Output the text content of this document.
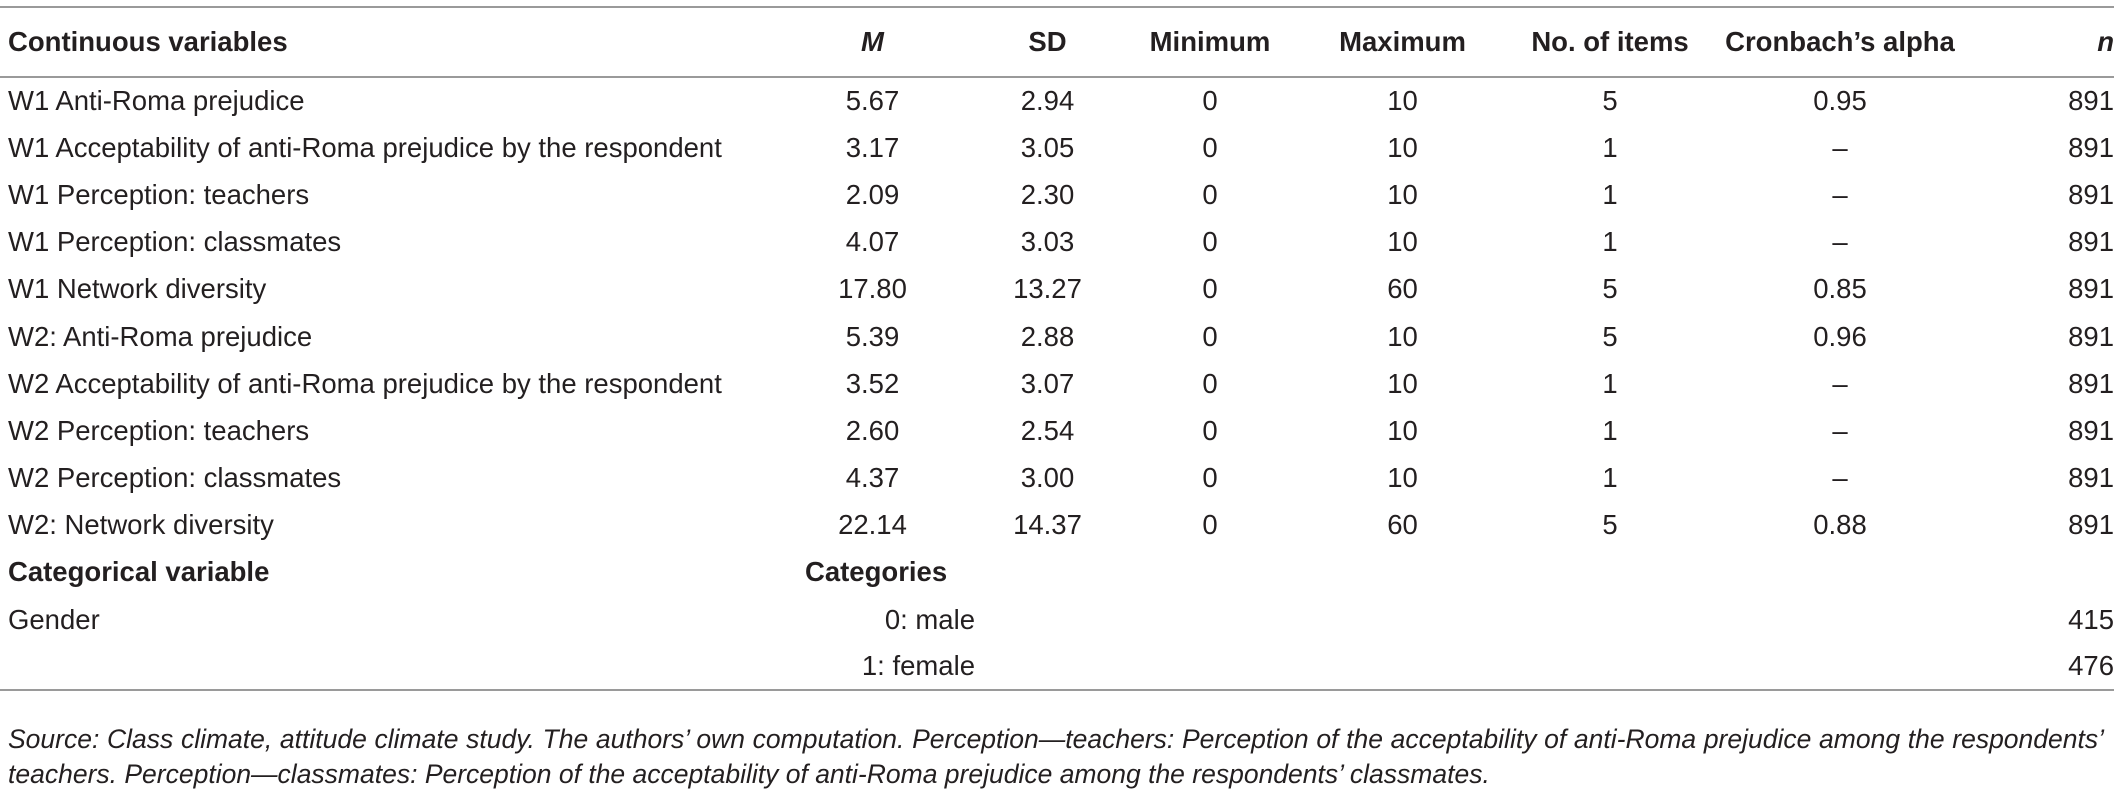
Continuous variables	M	SD	Minimum	Maximum	No. of items	Cronbach’s alpha	n
W1 Anti-Roma prejudice	5.67	2.94	0	10	5	0.95	891
W1 Acceptability of anti-Roma prejudice by the respondent	3.17	3.05	0	10	1	–	891
W1 Perception: teachers	2.09	2.30	0	10	1	–	891
W1 Perception: classmates	4.07	3.03	0	10	1	–	891
W1 Network diversity	17.80	13.27	0	60	5	0.85	891
W2: Anti-Roma prejudice	5.39	2.88	0	10	5	0.96	891
W2 Acceptability of anti-Roma prejudice by the respondent	3.52	3.07	0	10	1	–	891
W2 Perception: teachers	2.60	2.54	0	10	1	–	891
W2 Perception: classmates	4.37	3.00	0	10	1	–	891
W2: Network diversity	22.14	14.37	0	60	5	0.88	891
Categorical variable	Categories						
Gender	0: male						415
	1: female						476
Source: Class climate, attitude climate study. The authors’ own computation. Perception—teachers: Perception of the acceptability of anti-Roma prejudice among the respondents’ teachers. Perception—classmates: Perception of the acceptability of anti-Roma prejudice among the respondents’ classmates.
